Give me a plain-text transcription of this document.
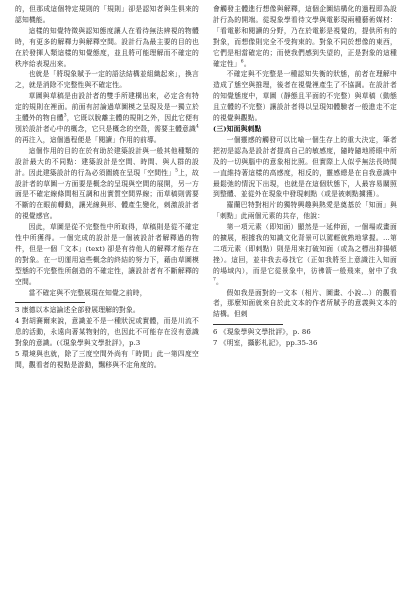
的，但那成這個特定規則的「規則」卻是認知者與生俱來的認知機能。

這樣的知覺特徵與認知態度讓人在看待無法辨視的物體時，有更多的解釋力與解釋空間。設計行為最主要的目的也在於發揮人類這樣的知覺態度，並且將可能理解而不確定的秩序給表現出來。

也就是「將現象賦予一定的語法結構並組織起來」，換言之，就是消除不完整性與不確定性。

草圖與草稿是由設計者的雙手所建構出來，必定含有特定的規則在裡面。前面有討論過草圖模之呈現及是一獨立於主體外的物自體$^3$，它既以脫離主體的規則之外，因此它便有別於設計者心中的概念，它只是概念的空殼，需要主體意識$^4$的再注入，這個過程便是「閱讀」作用的前導。

這個作用的目的在於有助於建築設計與一般其他種類的設計最大的不同點：建築設計是空間、時間、與人群的設計。因此建築設計的行為必須圍繞在呈現「空間性」$^5$上，故設計者的草圖一方面要是概念的呈現與空間的展開，另一方面是不確定線條間相互調和出實質空間界線；而草稿則需要不斷的在眼前轉動，讓光線與形、體產生變化，刺激設計者的視覺感官。

因此，草圖是從不完整性中所取得，草稿則是從不確定性中所獲得。一個完成的設計是一個被設計者解釋過的物件，但是一個「文本」(text) 卻是有待他人的解釋才能存在的對象。在一切運用這些概念的終結的努力下，藉由草圖模型態的不完整性所創造的不確定性，讓設計者有不斷解釋的空間。

當不確定與不完整展現在知覺之前時，

3 康德以本這論述全部發展理解的對象。

4 對胡賽爾來說，意識並不是一種狀況或實體，而是川流不息的活動，永遠向著某物射的，也因此不可能存在沒有意識對象的意識。(《現象學與文學批評》，p.3

5 環境與也就，除了三度空間外尚有「時間」此一第四度空間，觀看者的視點是游動，飄移與不定角度的。

會觸發主體進行想像與解釋，這個企圖結構化的過程即為設計行為的開端。從現象學看待文學與電影現兩種藝術媒材：「看電影和閱讀的分野，乃在於電影是視覺的，提供所有的對象，而想像則完全不受拘束的。對象不同於想像的東西，它們是相當確定的；而使我們感到失望的，正是對象的這種確定性」$^6$。

不確定與不完整是一種認知失衡的狀態，前者在理解中造成了態空與推理，後者在視覺裡產生了不協調。在設計者的知覺態度中，草圖（靜態且平面的不完整）與草稿（動態且立體的不完整）讓設計者得以呈現知體驗者一般進走不定的視覺與觀點。

(三)知面與刺點

一個靈感的觸發可以比喻一個生存上的重大決定，筆者把初是認為是設計者提高自己的敏感度，隨時隨地將眼中所及的一切與腦中的意象相比照。但實際上人似乎無法長時間一直維持著這樣的高感度，相反的，靈感總是在自我意識中最鬆弛的情況下出現，也就是在這個狀態下，人最容易關照到整體、並從外在現象中發現刺點（或是被刺點擄獲）。

羅蘭巴特對相片的獨特興趣與熱愛是奠基於「知面」與「刺點」此兩個元素的共存，他說：

第一項元素（即知面）顯然是一延伸面，一個場或畫面的擴展，根據我的知識文化背景可以駕輕就熟地掌握。…第二項元素（即刺點）則是用來打破知面（或為之標出抑揚頓挫）。這回，並非我去尋找它（正如我將至上意識注入知面的場域內），而是它從景象中，彷彿箭一般飛來，射中了我$^7$。

假如我是面對的一文本（相片、圖畫、小說…）的觀看者，那麼知面就來自於此文本的作者所賦予的意義與文本的結構。但刺

6 《現象學與文學批評》，p. 86

7 《明室，攝影札記》，pp.35-36
